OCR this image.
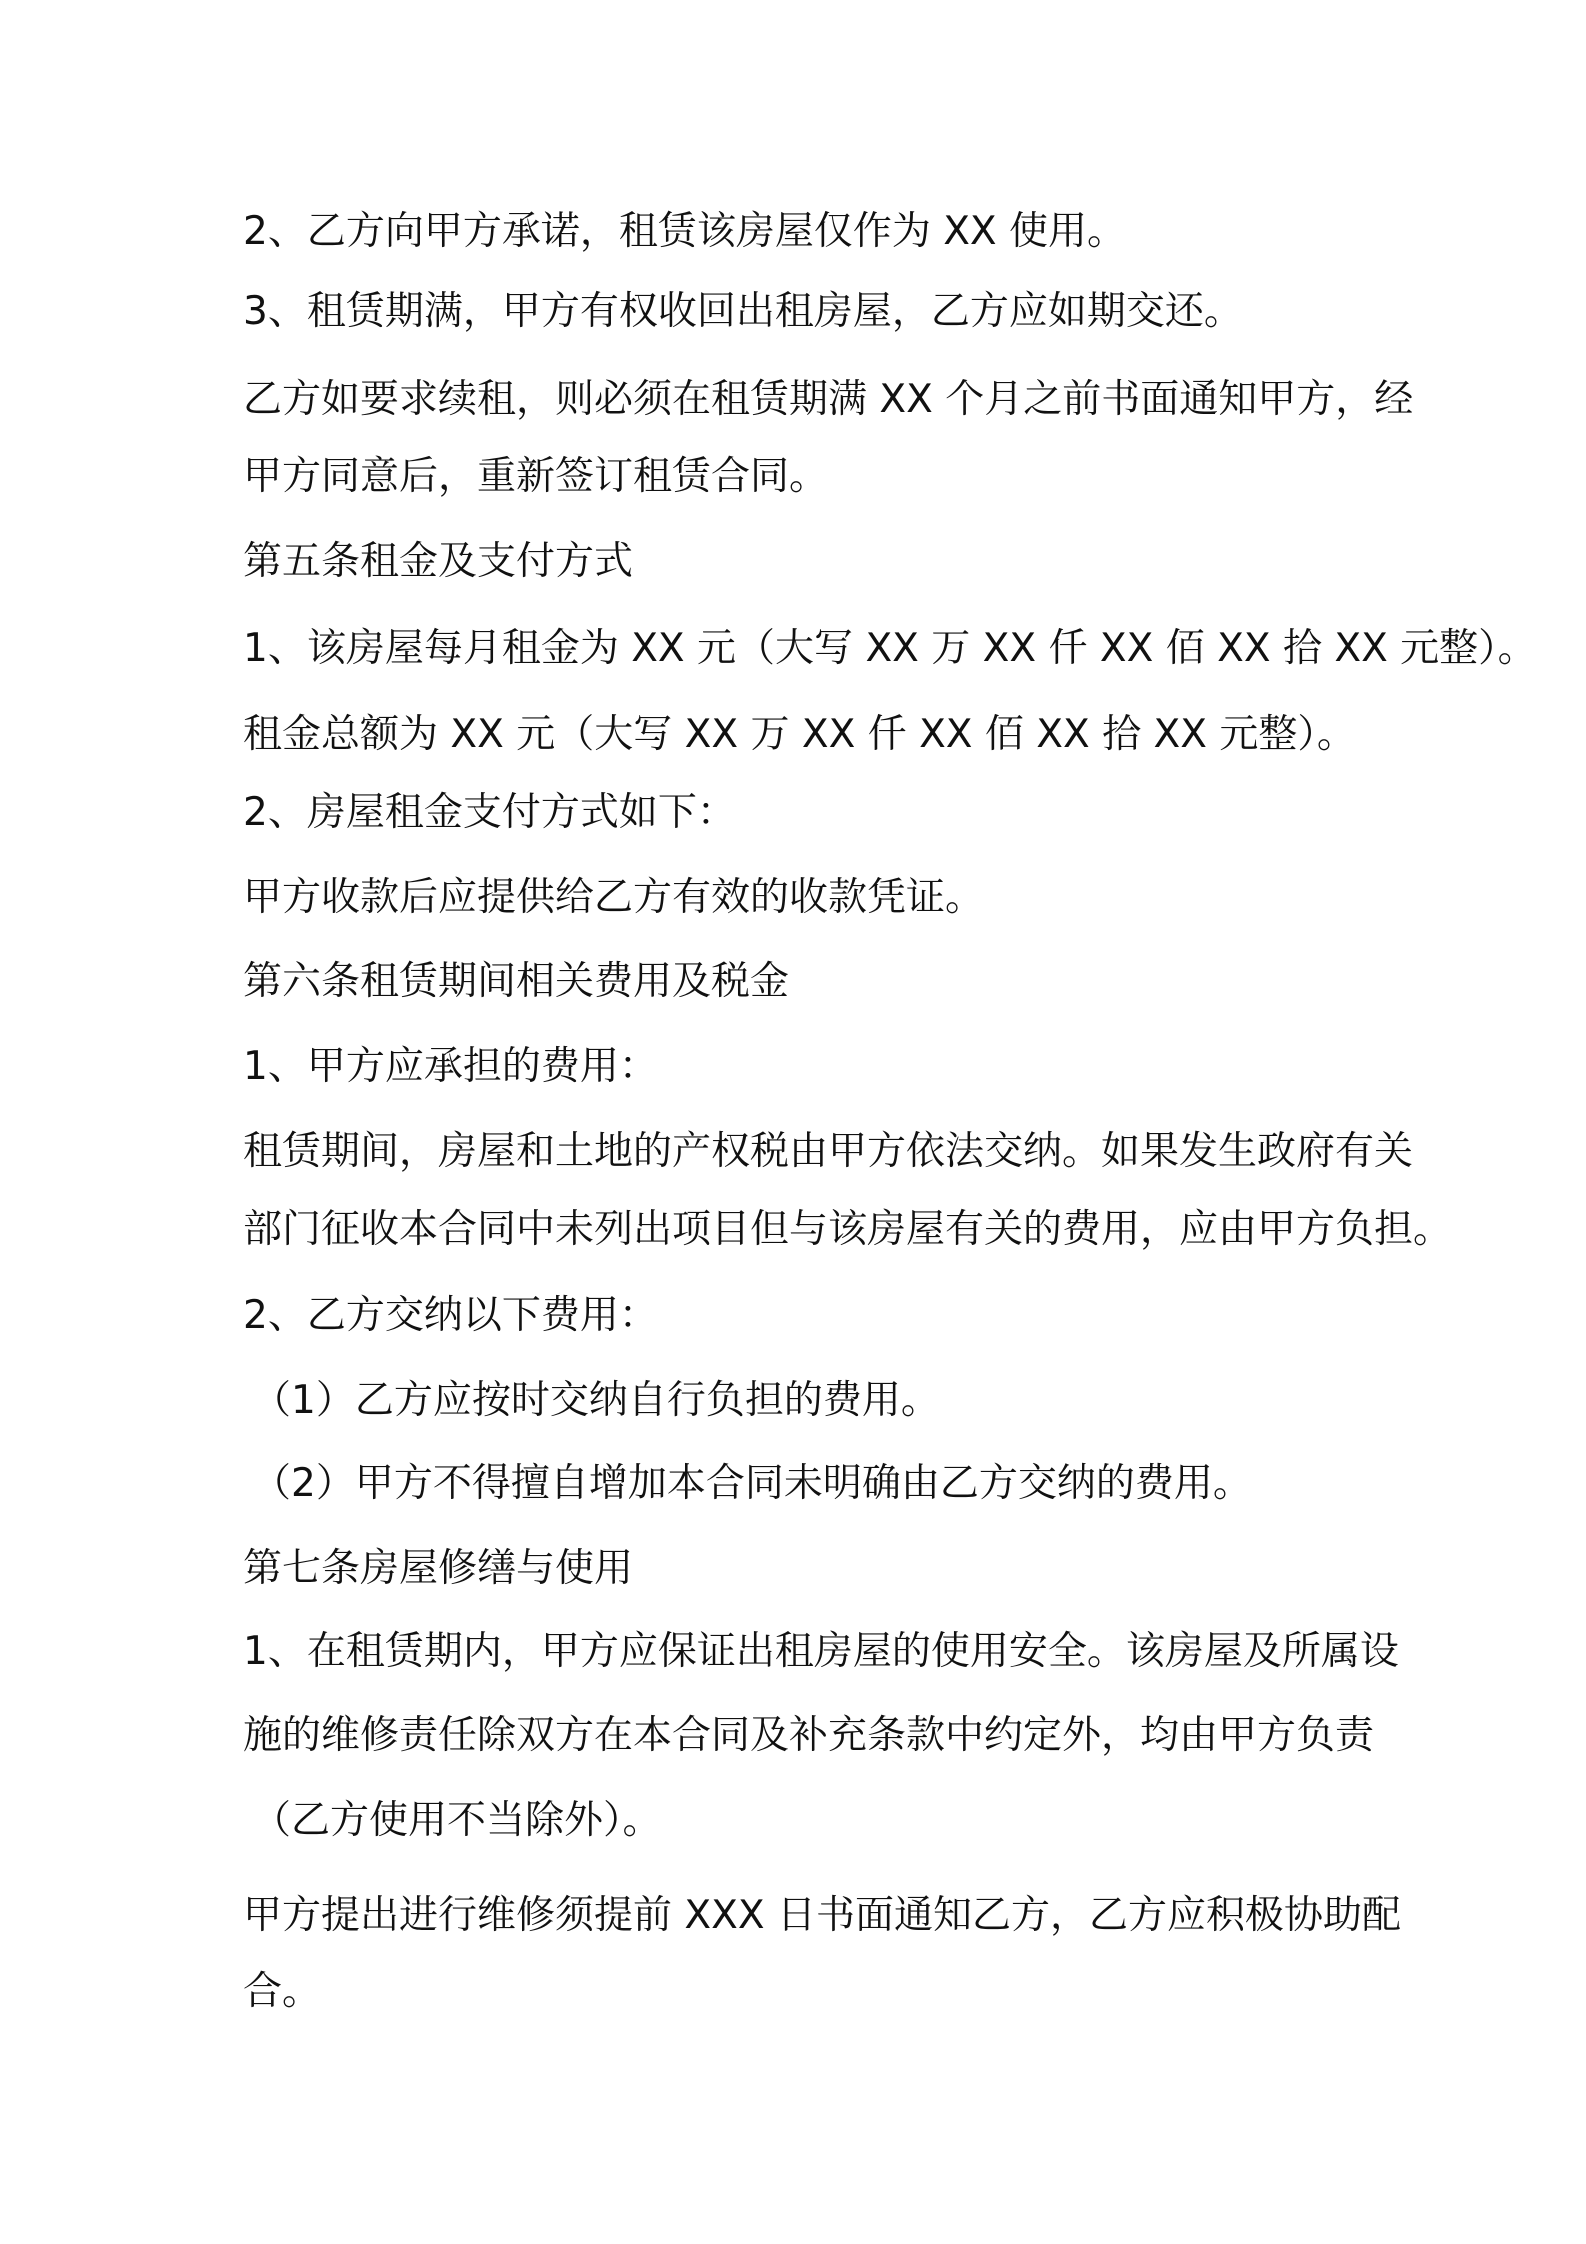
2、乙方向甲方承诺，租赁该房屋仅作为 XX 使用。
3、租赁期满，甲方有权收回出租房屋，乙方应如期交还。
乙方如要求续租，则必须在租赁期满 XX 个月之前书面通知甲方，经
甲方同意后，重新签订租赁合同。
第五条租金及支付方式
1、该房屋每月租金为 XX 元（大写 XX 万 XX 仟 XX 佰 XX 拾 XX 元整）。
租金总额为 XX 元（大写 XX 万 XX 仟 XX 佰 XX 拾 XX 元整）。
2、房屋租金支付方式如下：
甲方收款后应提供给乙方有效的收款凭证。
第六条租赁期间相关费用及税金
1、甲方应承担的费用：
租赁期间，房屋和土地的产权税由甲方依法交纳。如果发生政府有关
部门征收本合同中未列出项目但与该房屋有关的费用，应由甲方负担。
2、乙方交纳以下费用：
（1）乙方应按时交纳自行负担的费用。
（2）甲方不得擅自增加本合同未明确由乙方交纳的费用。
第七条房屋修缮与使用
1、在租赁期内，甲方应保证出租房屋的使用安全。该房屋及所属设
施的维修责任除双方在本合同及补充条款中约定外，均由甲方负责
（乙方使用不当除外）。
甲方提出进行维修须提前 XXX 日书面通知乙方，乙方应积极协助配
合。
